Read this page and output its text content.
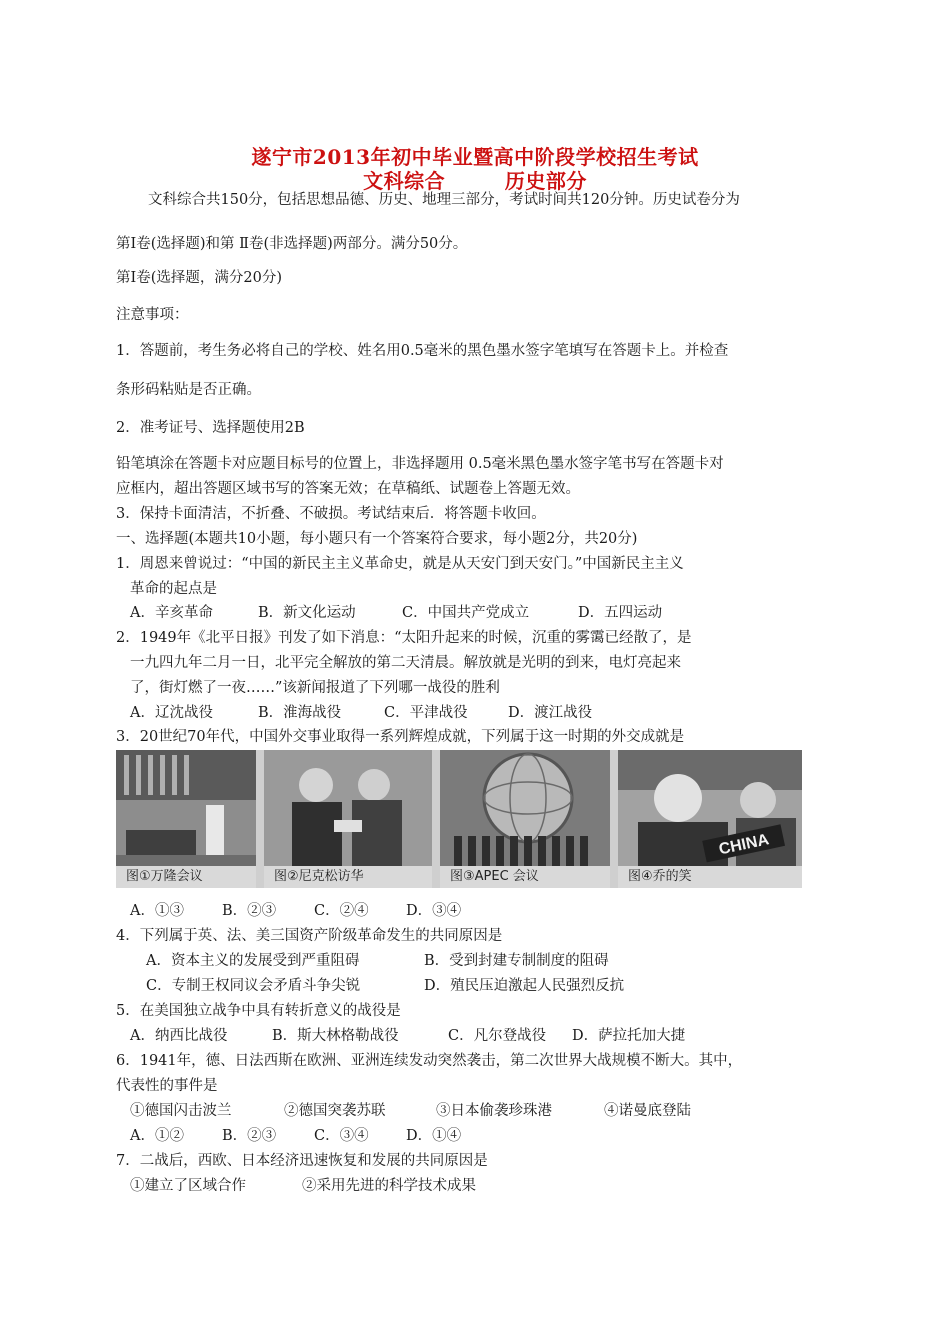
遂宁市2013年初中毕业暨高中阶段学校招生考试
文科综合        历史部分
文科综合共150分，包括思想品德、历史、地理三部分，考试时间共120分钟。历史试卷分为
第Ⅰ卷(选择题)和第 Ⅱ卷(非选择题)两部分。满分50分。
第Ⅰ卷(选择题，满分20分)
注意事项：
1．答题前，考生务必将自己的学校、姓名用0.5毫米的黑色墨水签字笔填写在答题卡上。并检查
条形码粘贴是否正确。
2．准考证号、选择题使用2B
铅笔填涂在答题卡对应题目标号的位置上，非选择题用 0.5毫米黑色墨水签字笔书写在答题卡对
应框内，超出答题区域书写的答案无效；在草稿纸、试题卷上答题无效。
3．保持卡面清洁，不折叠、不破损。考试结束后．将答题卡收回。
一、选择题(本题共10小题，每小题只有一个答案符合要求，每小题2分，共20分)
1．周恩来曾说过：“中国的新民主主义革命史，就是从天安门到天安门。”中国新民主主义
革命的起点是
A．辛亥革命	B．新文化运动	C．中国共产党成立	D．五四运动
2．1949年《北平日报》刊发了如下消息：“太阳升起来的时候，沉重的雾霭已经散了，是
一九四九年二月一日，北平完全解放的第二天清晨。解放就是光明的到来，电灯亮起来
了，街灯燃了一夜……”该新闻报道了下列哪一战役的胜利
A．辽沈战役	B．淮海战役	C．平津战役	D．渡江战役
3．20世纪70年代，中国外交事业取得一系列辉煌成就，下列属于这一时期的外交成就是
图①万隆会议	图②尼克松访华	图③APEC 会议
CHINA
图④乔的笑
A．①③	B．②③	C．②④	D．③④
4．下列属于英、法、美三国资产阶级革命发生的共同原因是
A．资本主义的发展受到严重阻碍	B．受到封建专制制度的阻碍
C．专制王权同议会矛盾斗争尖锐	D．殖民压迫激起人民强烈反抗
5．在美国独立战争中具有转折意义的战役是
A．纳西比战役	B．斯大林格勒战役	C．凡尔登战役 D．萨拉托加大捷
6．1941年，德、日法西斯在欧洲、亚洲连续发动突然袭击，第二次世界大战规模不断大。其中，
代表性的事件是
①德国闪击波兰	②德国突袭苏联	③日本偷袭珍珠港	④诺曼底登陆
A．①②	B．②③	C．③④	D．①④
7．二战后，西欧、日本经济迅速恢复和发展的共同原因是
①建立了区域合作	②采用先进的科学技术成果
